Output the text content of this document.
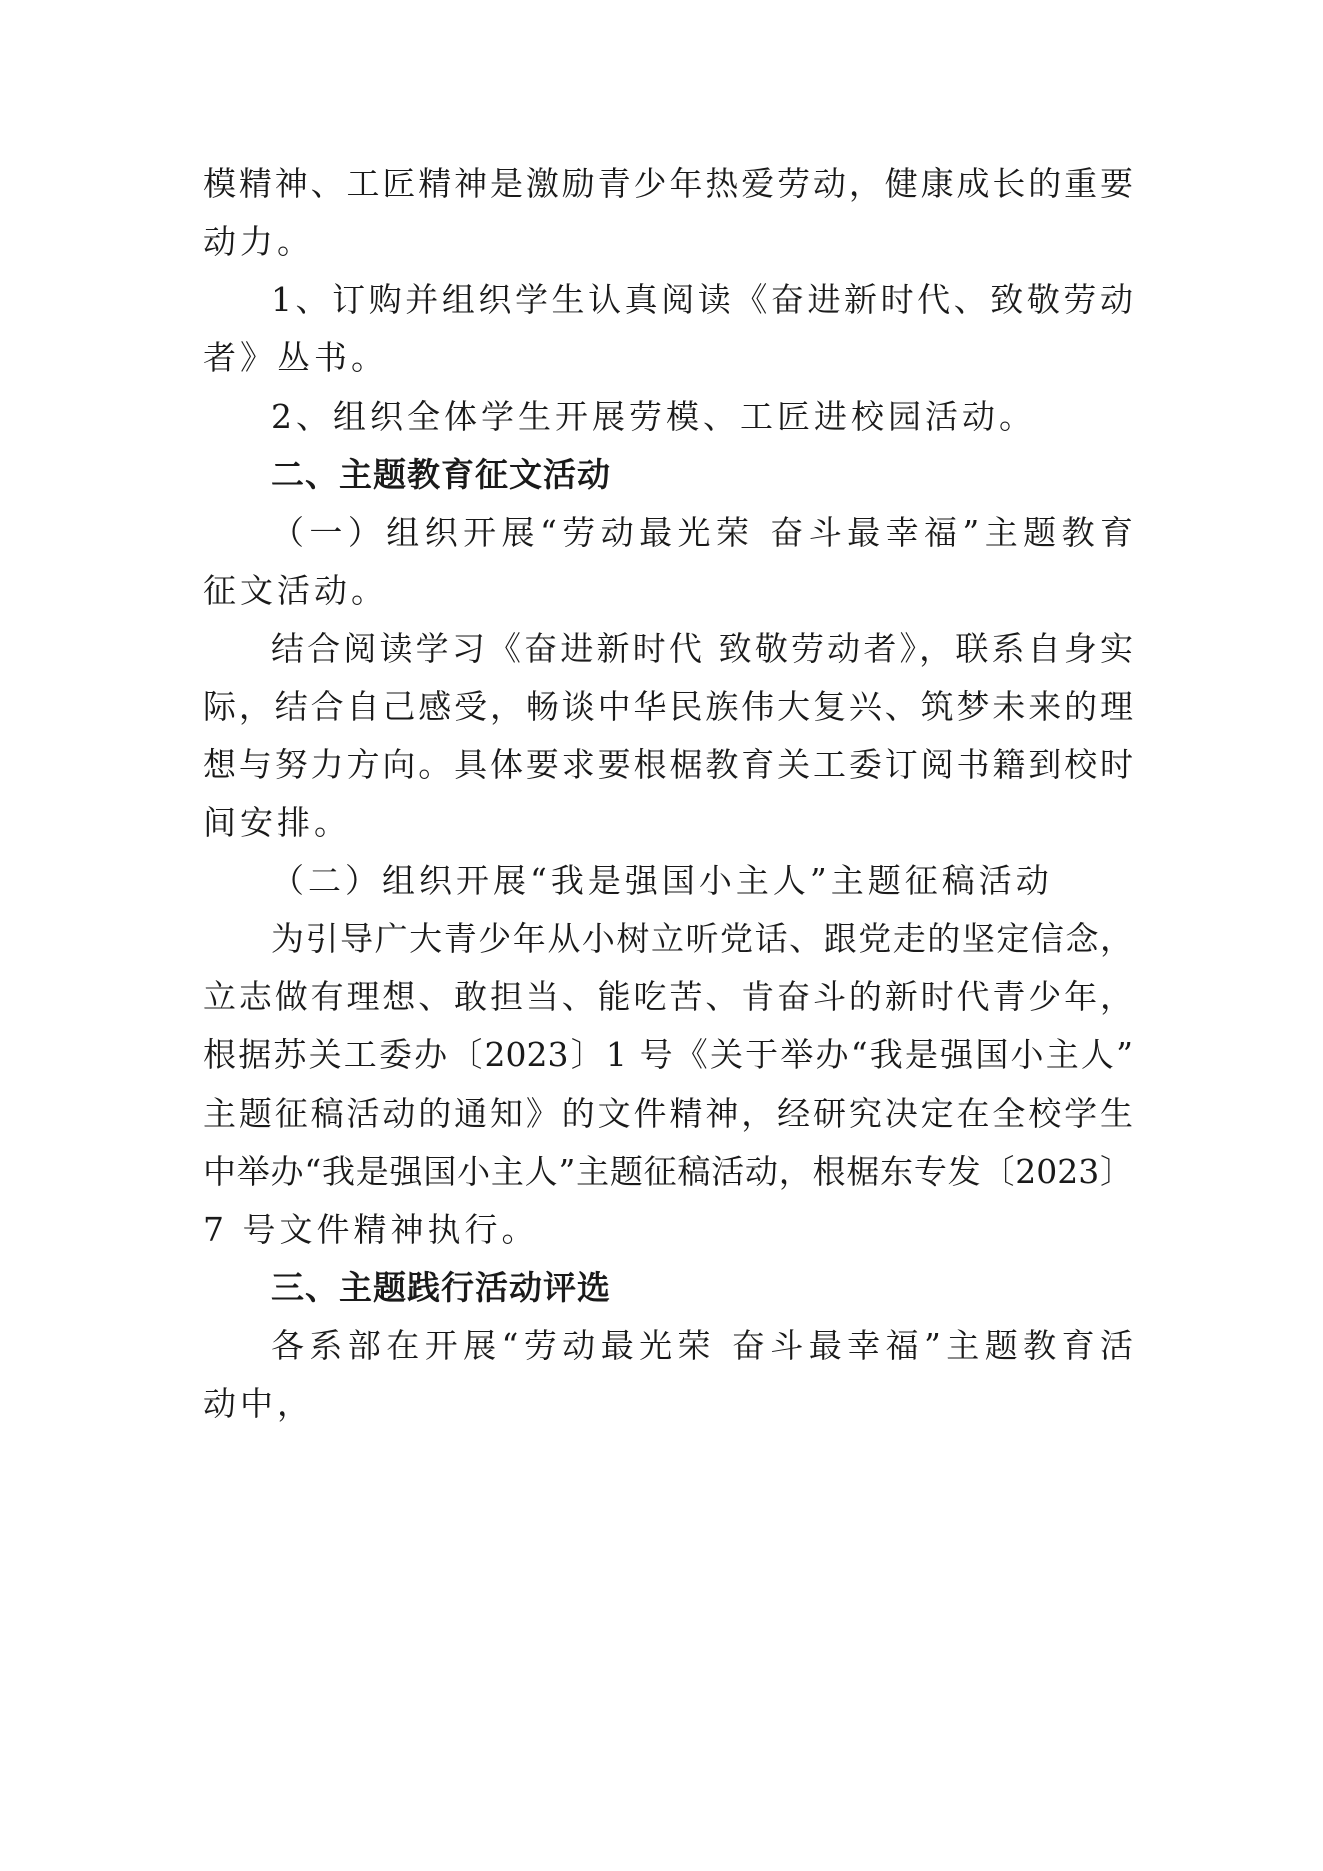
模精神、工匠精神是激励青少年热爱劳动，健康成长的重要
动力。
1、订购并组织学生认真阅读《奋进新时代、致敬劳动
者》丛书。
2、组织全体学生开展劳模、工匠进校园活动。
二、主题教育征文活动
（一）组织开展“劳动最光荣 奋斗最幸福”主题教育
征文活动。
结合阅读学习《奋进新时代 致敬劳动者》，联系自身实
际，结合自己感受，畅谈中华民族伟大复兴、筑梦未来的理
想与努力方向。具体要求要根椐教育关工委订阅书籍到校时
间安排。
（二）组织开展“我是强国小主人”主题征稿活动
为引导广大青少年从小树立听党话、跟党走的坚定信念，
立志做有理想、敢担当、能吃苦、肯奋斗的新时代青少年，
根据苏关工委办〔2023〕1 号《关于举办“我是强国小主人”
主题征稿活动的通知》的文件精神，经研究决定在全校学生
中举办“我是强国小主人”主题征稿活动，根椐东专发〔2023〕
7 号文件精神执行。
三、主题践行活动评选
各系部在开展“劳动最光荣 奋斗最幸福”主题教育活
动中，
